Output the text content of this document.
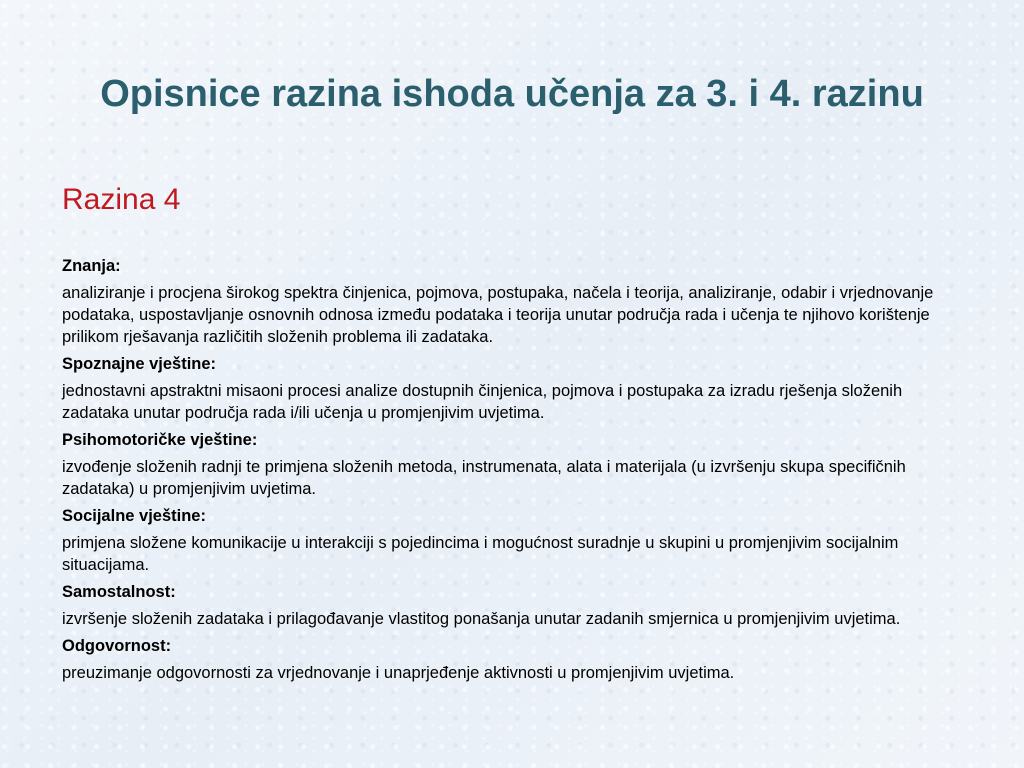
Opisnice razina ishoda učenja za 3. i 4. razinu
Razina 4
Znanja:
analiziranje i procjena širokog spektra činjenica, pojmova, postupaka, načela i teorija, analiziranje, odabir i vrjednovanje podataka, uspostavljanje osnovnih odnosa između podataka i teorija unutar područja rada i učenja te njihovo korištenje prilikom rješavanja različitih složenih problema ili zadataka.
Spoznajne vještine:
jednostavni apstraktni misaoni procesi analize dostupnih činjenica, pojmova i postupaka za izradu rješenja složenih zadataka unutar područja rada i/ili učenja u promjenjivim uvjetima.
Psihomotoričke vještine:
izvođenje složenih radnji te primjena složenih metoda, instrumenata, alata i materijala (u izvršenju skupa specifičnih zadataka) u promjenjivim uvjetima.
Socijalne vještine:
primjena složene komunikacije u interakciji s pojedincima i mogućnost suradnje u skupini u promjenjivim socijalnim situacijama.
Samostalnost:
izvršenje složenih zadataka i prilagođavanje vlastitog ponašanja unutar zadanih smjernica u promjenjivim uvjetima.
Odgovornost:
preuzimanje odgovornosti za vrjednovanje i unaprjeđenje aktivnosti u promjenjivim uvjetima.
